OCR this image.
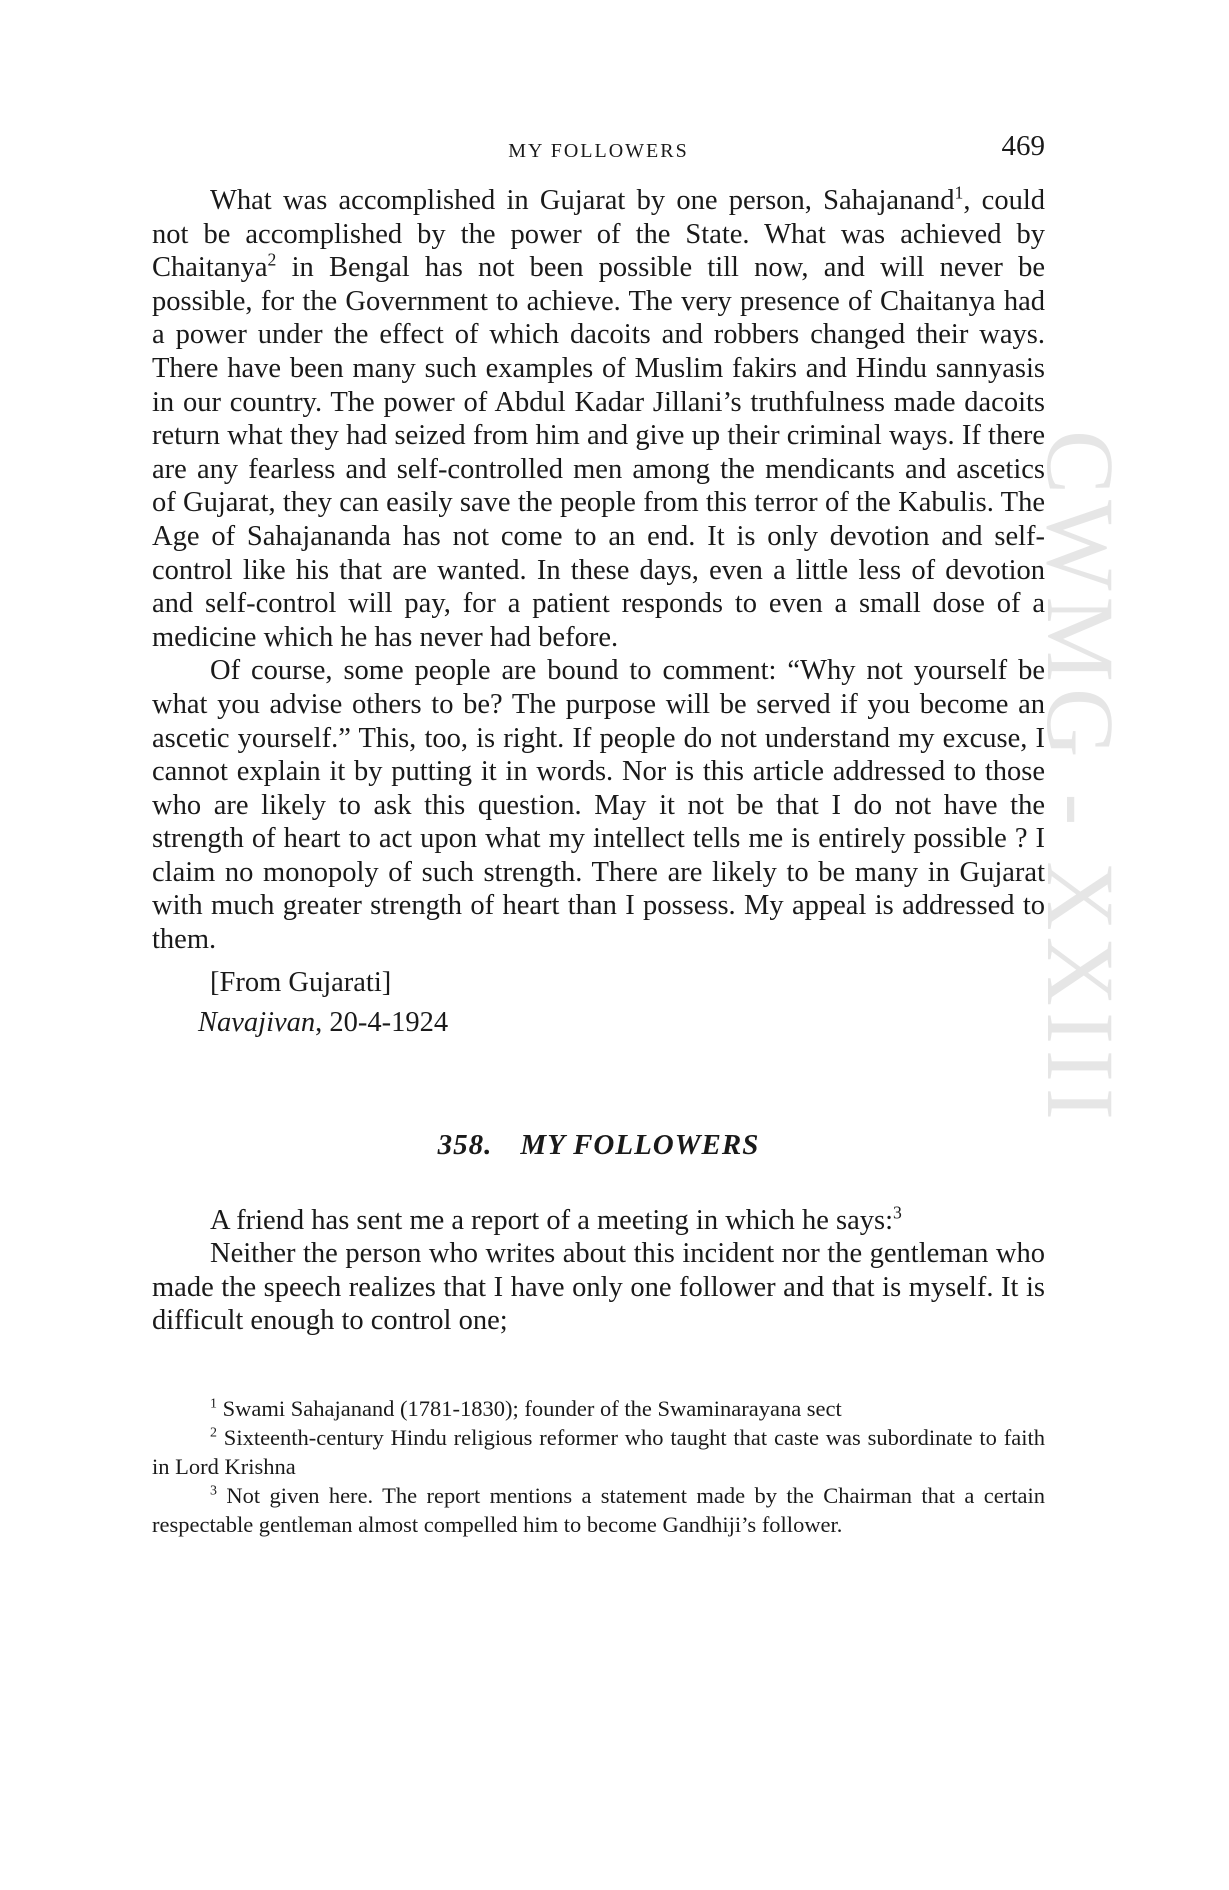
CWMG - XXIII
MY FOLLOWERS	469

What was accomplished in Gujarat by one person, Sahajanand$^1$, could not be accomplished by the power of the State. What was achieved by Chaitanya$^2$ in Bengal has not been possible till now, and will never be possible, for the Government to achieve. The very presence of Chaitanya had a power under the effect of which dacoits and robbers changed their ways. There have been many such examples of Muslim fakirs and Hindu sannyasis in our country. The power of Abdul Kadar Jillani’s truthfulness made dacoits return what they had seized from him and give up their criminal ways. If there are any fearless and self-controlled men among the mendicants and ascetics of Gujarat, they can easily save the people from this terror of the Kabulis. The Age of Sahajananda has not come to an end. It is only devotion and self-control like his that are wanted. In these days, even a little less of devotion and self-control will pay, for a patient responds to even a small dose of a medicine which he has never had before.

Of course, some people are bound to comment: “Why not yourself be what you advise others to be? The purpose will be served if you become an ascetic yourself.” This, too, is right. If people do not understand my excuse, I cannot explain it by putting it in words. Nor is this article addressed to those who are likely to ask this question. May it not be that I do not have the strength of heart to act upon what my intellect tells me is entirely possible ? I claim no monopoly of such strength. There are likely to be many in Gujarat with much greater strength of heart than I possess. My appeal is addressed to them.

[From Gujarati]
Navajivan, 20-4-1924
358. MY FOLLOWERS

A friend has sent me a report of a meeting in which he says:$^3$

Neither the person who writes about this incident nor the gentleman who made the speech realizes that I have only one follower and that is myself. It is difficult enough to control one;

$^1$ Swami Sahajanand (1781-1830); founder of the Swaminarayana sect

$^2$ Sixteenth-century Hindu religious reformer who taught that caste was subordinate to faith in Lord Krishna

$^3$ Not given here. The report mentions a statement made by the Chairman that a certain respectable gentleman almost compelled him to become Gandhiji’s follower.
